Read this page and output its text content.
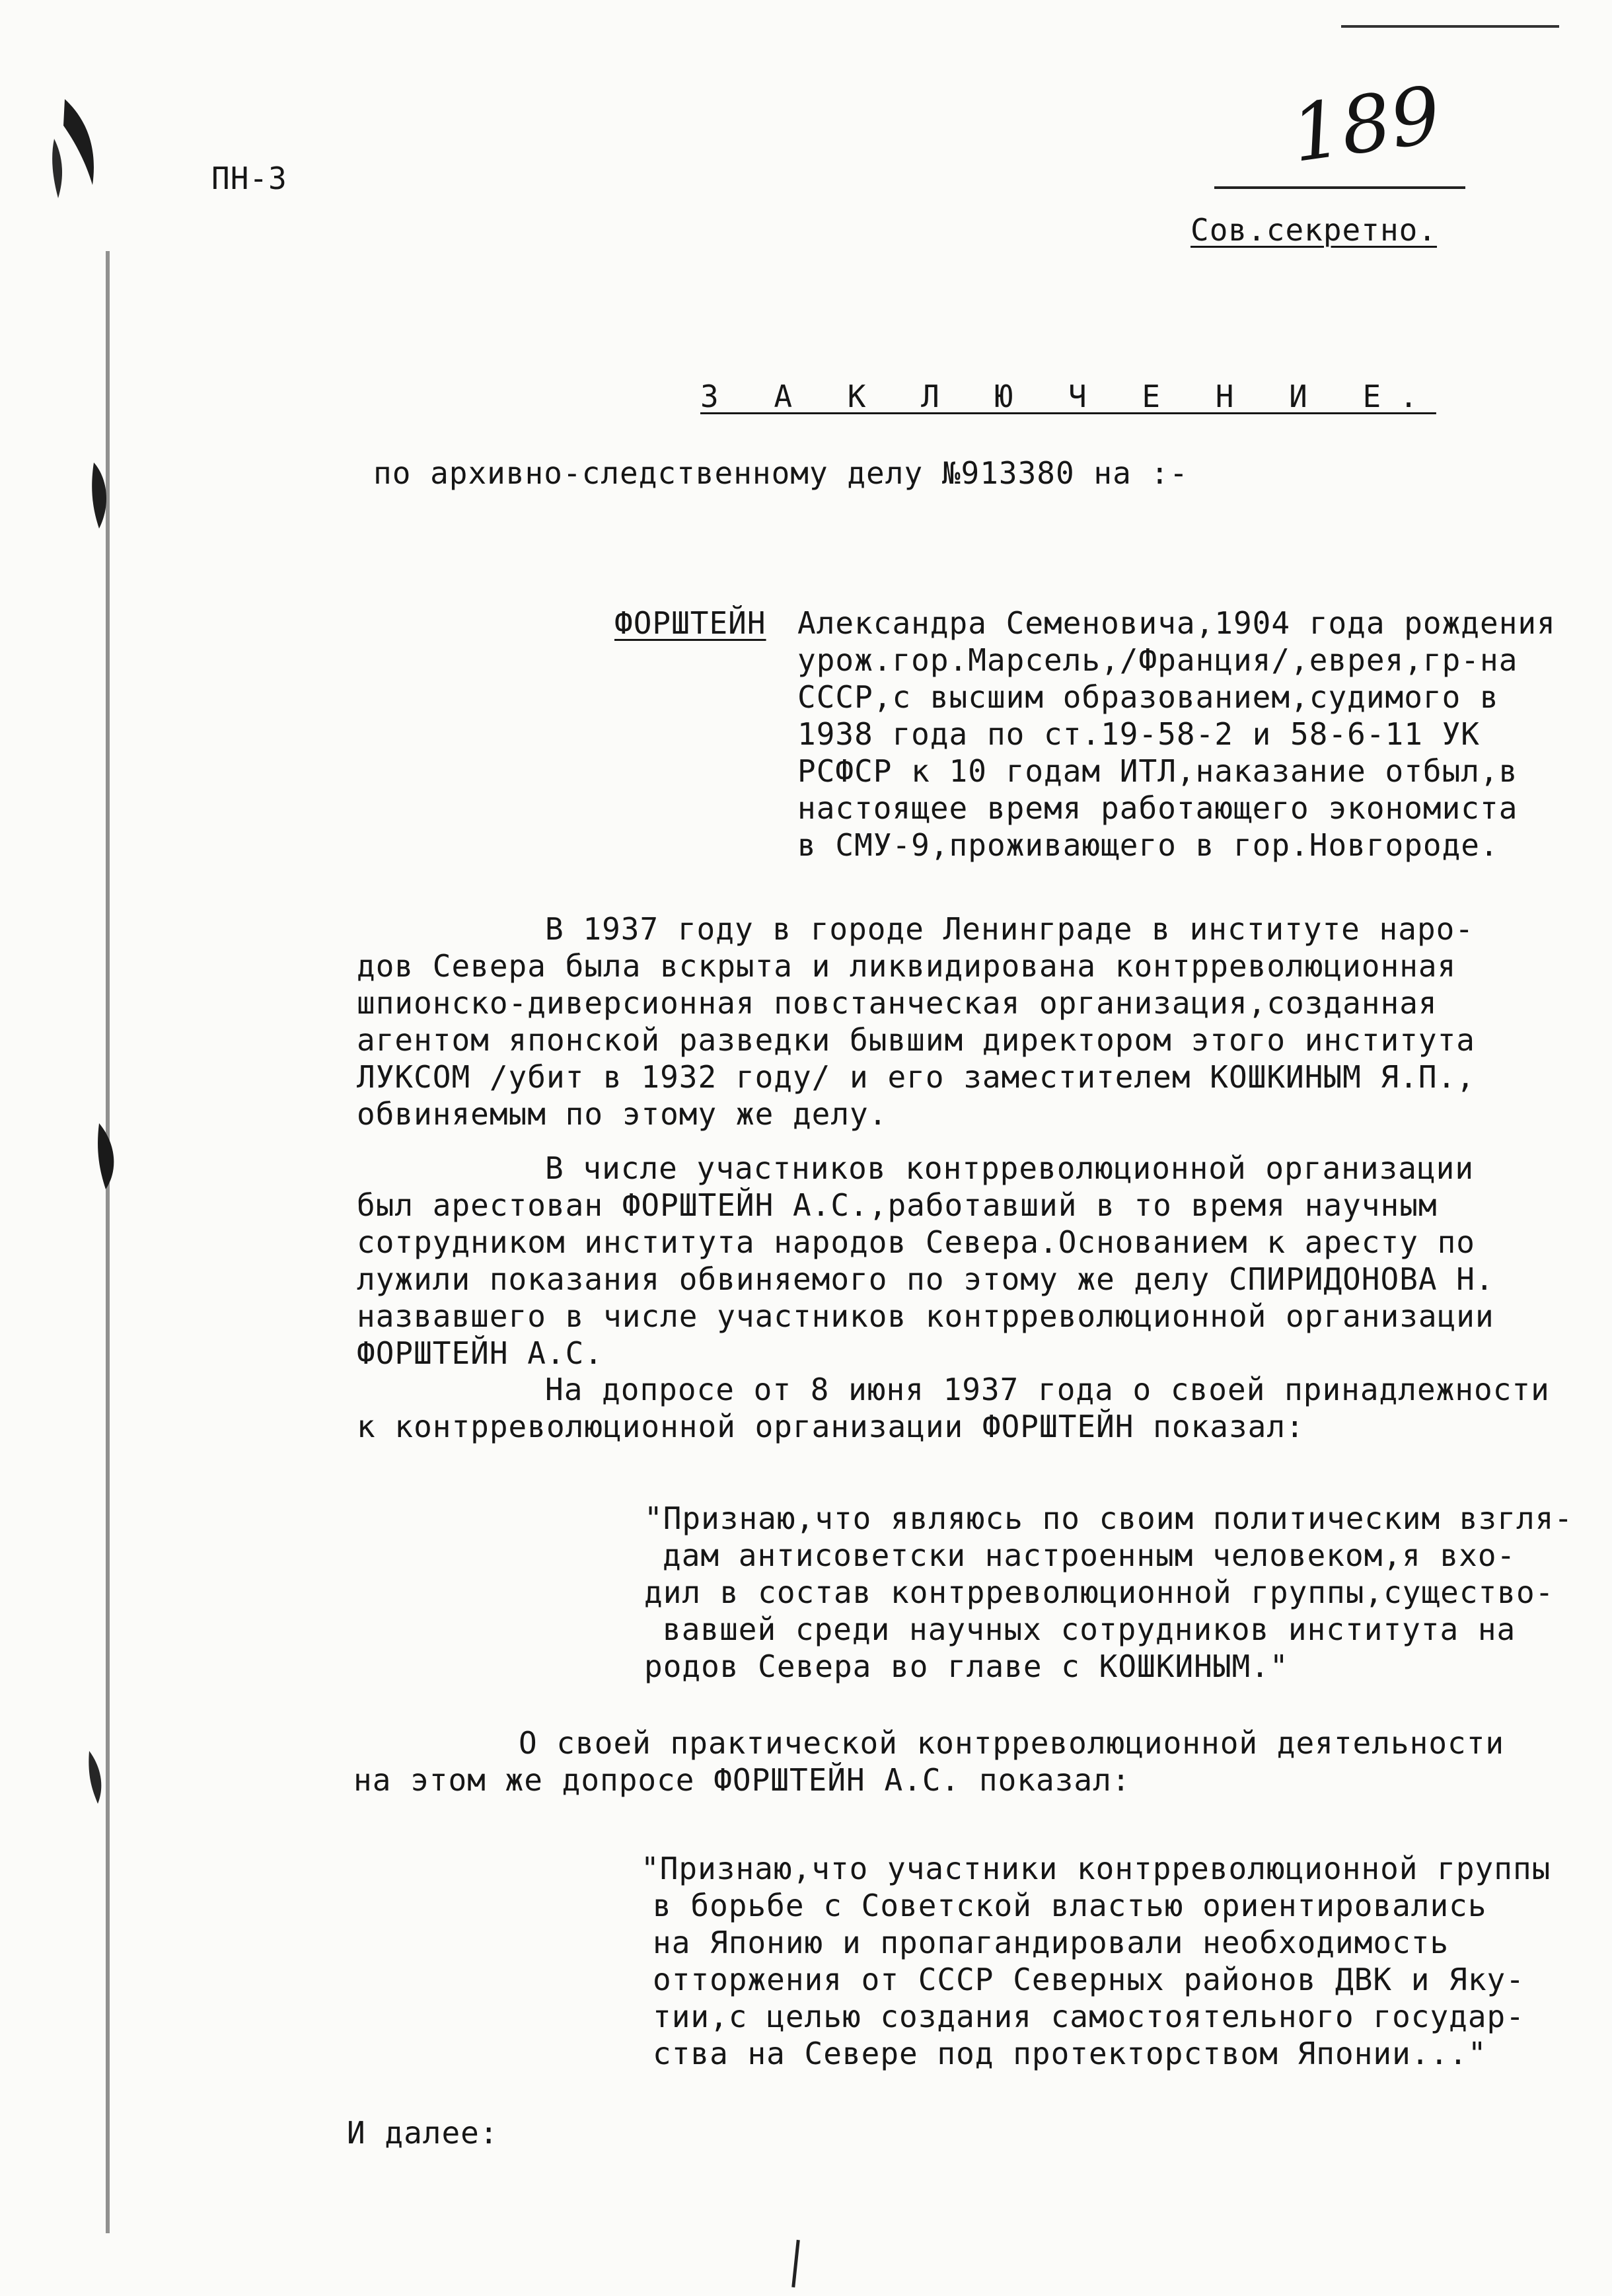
ПН-3	189
Сов.секретно.
З А К Л Ю Ч Е Н И Е.
по архивно-следственному делу №913380 на :-
ФОРШТЕЙН Александра Семеновича,1904 года рождения
урож.гор.Марсель,/Франция/,еврея,гр-на
СССР,с высшим образованием,судимого в
1938 года по ст.19-58-2 и 58-6-11 УК
РСФСР к 10 годам ИТЛ,наказание отбыл,в
настоящее время работающего экономиста
в СМУ-9,проживающего в гор.Новгороде.
В 1937 году в городе Ленинграде в институте наро-
дов Севера была вскрыта и ликвидирована контрреволюционная
шпионско-диверсионная повстанческая организация,созданная
агентом японской разведки бывшим директором этого института
ЛУКСОМ /убит в 1932 году/ и его заместителем КОШКИНЫМ Я.П.,
обвиняемым по этому же делу.
В числе участников контрреволюционной организации
был арестован ФОРШТЕЙН А.С.,работавший в то время научным
сотрудником института народов Севера.Основанием к аресту по
лужили показания обвиняемого по этому же делу СПИРИДОНОВА Н.
назвавшего в числе участников контрреволюционной организации
ФОРШТЕЙН А.С.
На допросе от 8 июня 1937 года о своей принадлежности
к контрреволюционной организации ФОРШТЕЙН показал:
"Признаю,что являюсь по своим политическим взгля-
дам антисоветски настроенным человеком,я вхо-
дил в состав контрреволюционной группы,существо-
вавшей среди научных сотрудников института на
родов Севера во главе с КОШКИНЫМ."
О своей практической контрреволюционной деятельности
на этом же допросе ФОРШТЕЙН А.С. показал:
"Признаю,что участники контрреволюционной группы
в борьбе с Советской властью ориентировались
на Японию и пропагандировали необходимость
отторжения от СССР Северных районов ДВК и Яку-
тии,с целью создания самостоятельного государ-
ства на Севере под протекторством Японии..."
И далее:
